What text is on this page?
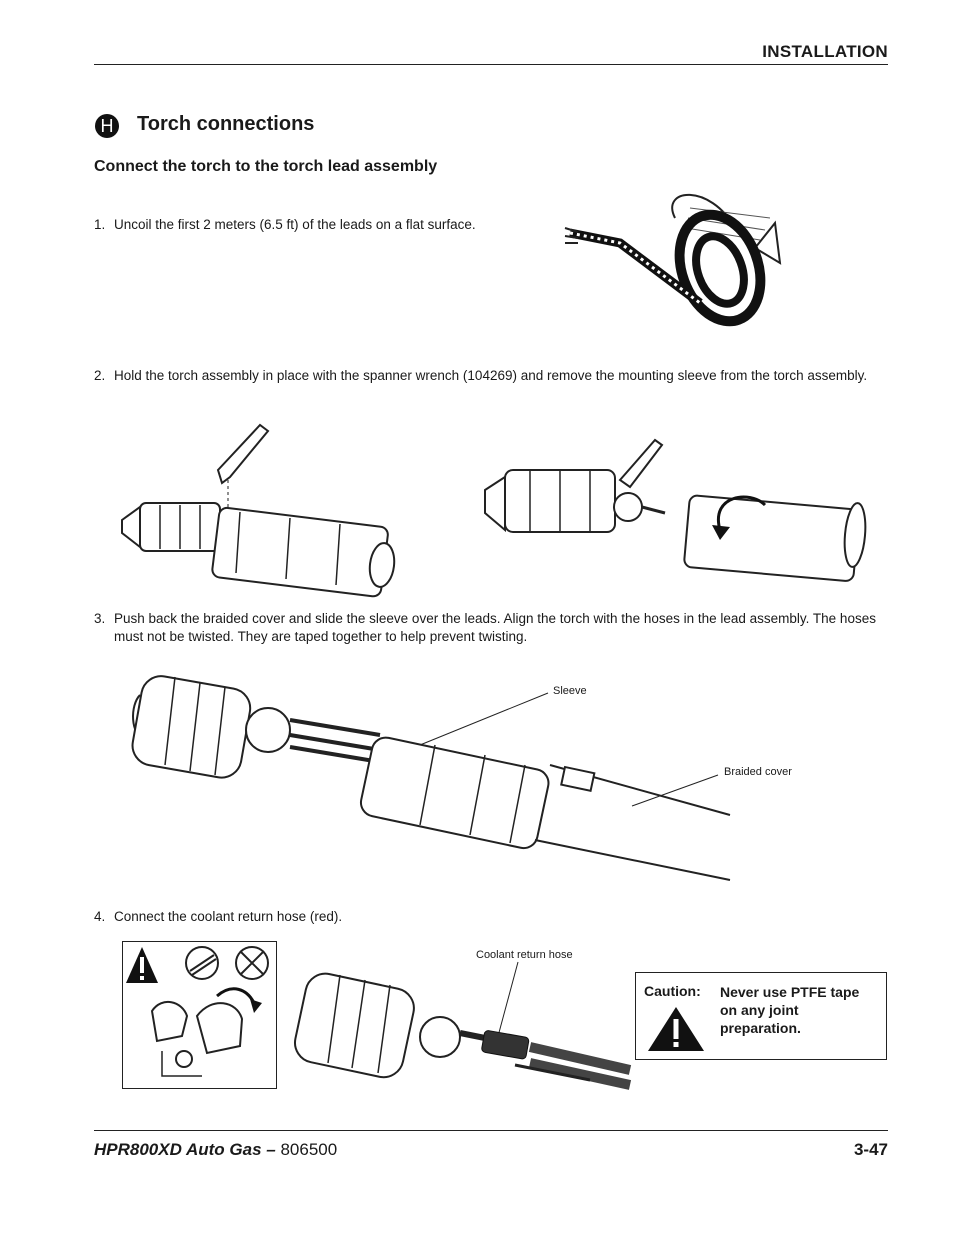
INSTALLATION
H Torch connections
Connect the torch to the torch lead assembly
1. Uncoil the first 2 meters (6.5 ft) of the leads on a flat surface.
2. Hold the torch assembly in place with the spanner wrench (104269) and remove the mounting sleeve from the torch assembly.
3. Push back the braided cover and slide the sleeve over the leads. Align the torch with the hoses in the lead assembly. The hoses must not be twisted. They are taped together to help prevent twisting.
Sleeve
Braided cover
4. Connect the coolant return hose (red).
Coolant return hose
Caution: Never use PTFE tape on any joint preparation.
HPR800XD Auto Gas – 806500	3-47
